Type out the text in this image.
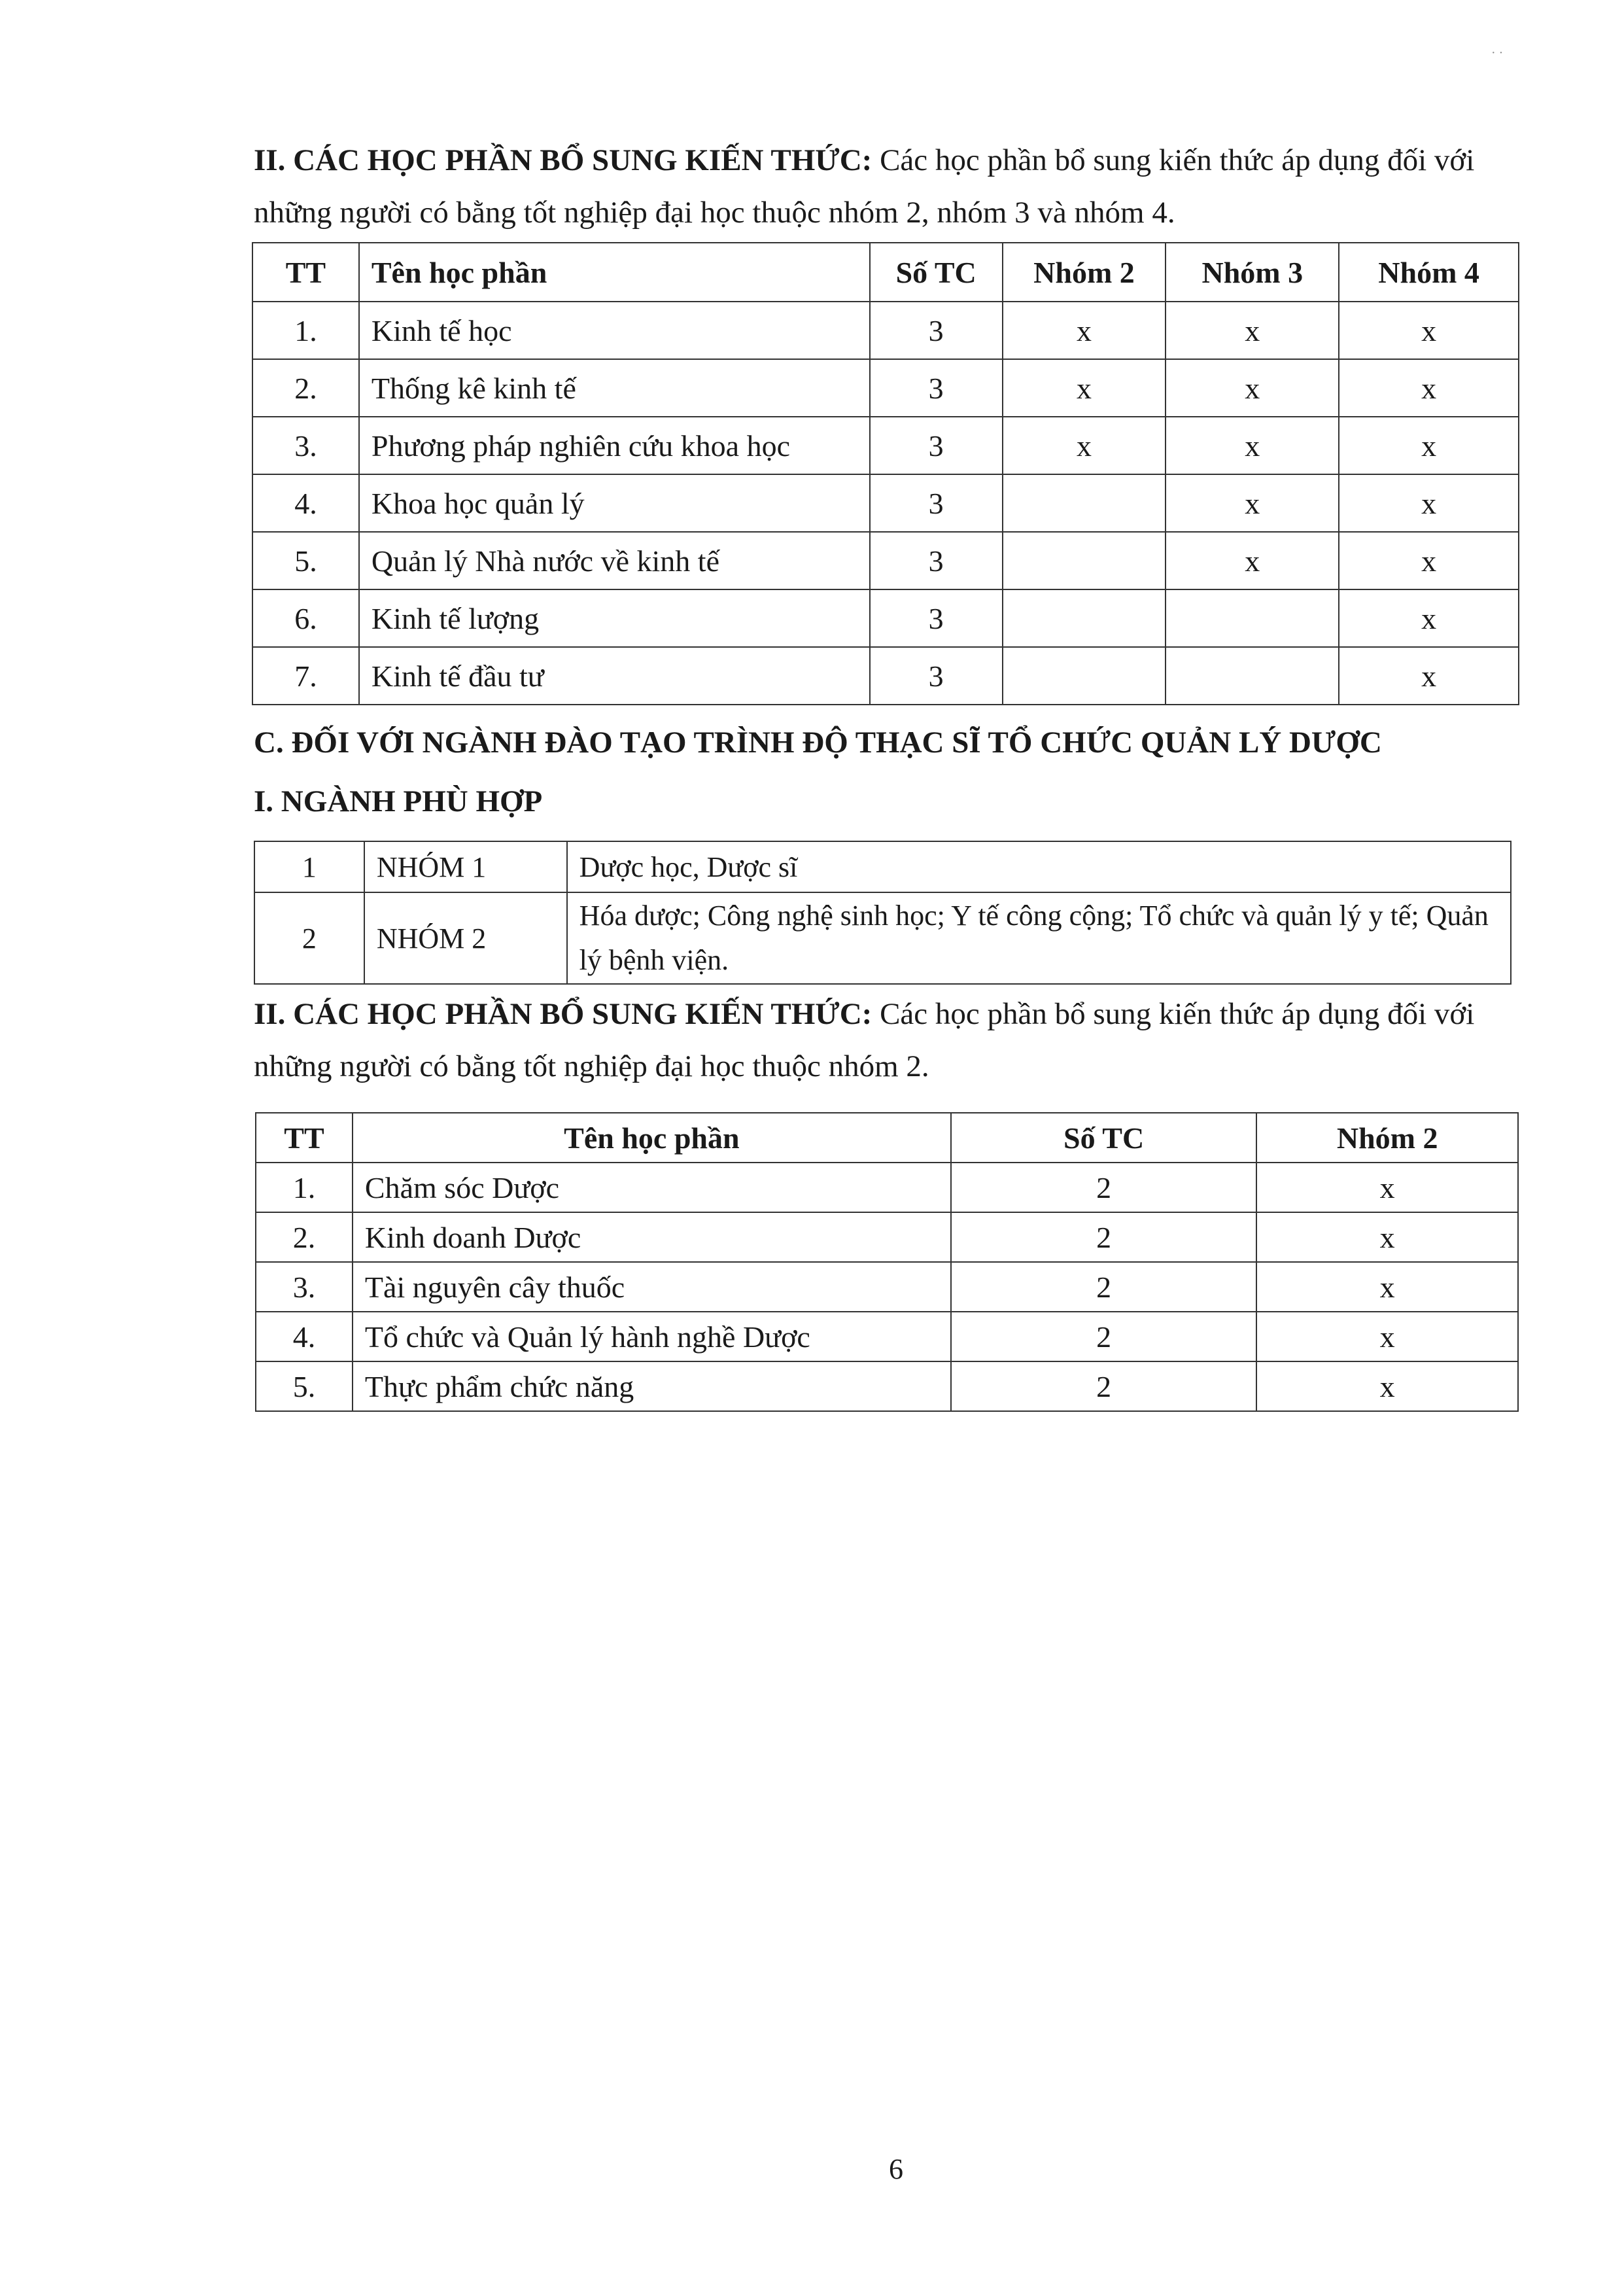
· ·

II. CÁC HỌC PHẦN BỔ SUNG KIẾN THỨC: Các học phần bổ sung kiến thức áp dụng đối với những người có bằng tốt nghiệp đại học thuộc nhóm 2, nhóm 3 và nhóm 4.

TT	Tên học phần	Số TC	Nhóm 2	Nhóm 3	Nhóm 4
1.	Kinh tế học	3	x	x	x
2.	Thống kê kinh tế	3	x	x	x
3.	Phương pháp nghiên cứu khoa học	3	x	x	x
4.	Khoa học quản lý	3		x	x
5.	Quản lý Nhà nước về kinh tế	3		x	x
6.	Kinh tế lượng	3			x
7.	Kinh tế đầu tư	3			x

C. ĐỐI VỚI NGÀNH ĐÀO TẠO TRÌNH ĐỘ THẠC SĨ TỔ CHỨC QUẢN LÝ DƯỢC

I. NGÀNH PHÙ HỢP

1	NHÓM 1	Dược học, Dược sĩ
2	NHÓM 2	Hóa dược; Công nghệ sinh học; Y tế công cộng; Tổ chức và quản lý y tế; Quản lý bệnh viện.

II. CÁC HỌC PHẦN BỔ SUNG KIẾN THỨC: Các học phần bổ sung kiến thức áp dụng đối với những người có bằng tốt nghiệp đại học thuộc nhóm 2.

TT	Tên học phần	Số TC	Nhóm 2
1.	Chăm sóc Dược	2	x
2.	Kinh doanh Dược	2	x
3.	Tài nguyên cây thuốc	2	x
4.	Tổ chức và Quản lý hành nghề Dược	2	x
5.	Thực phẩm chức năng	2	x
6
